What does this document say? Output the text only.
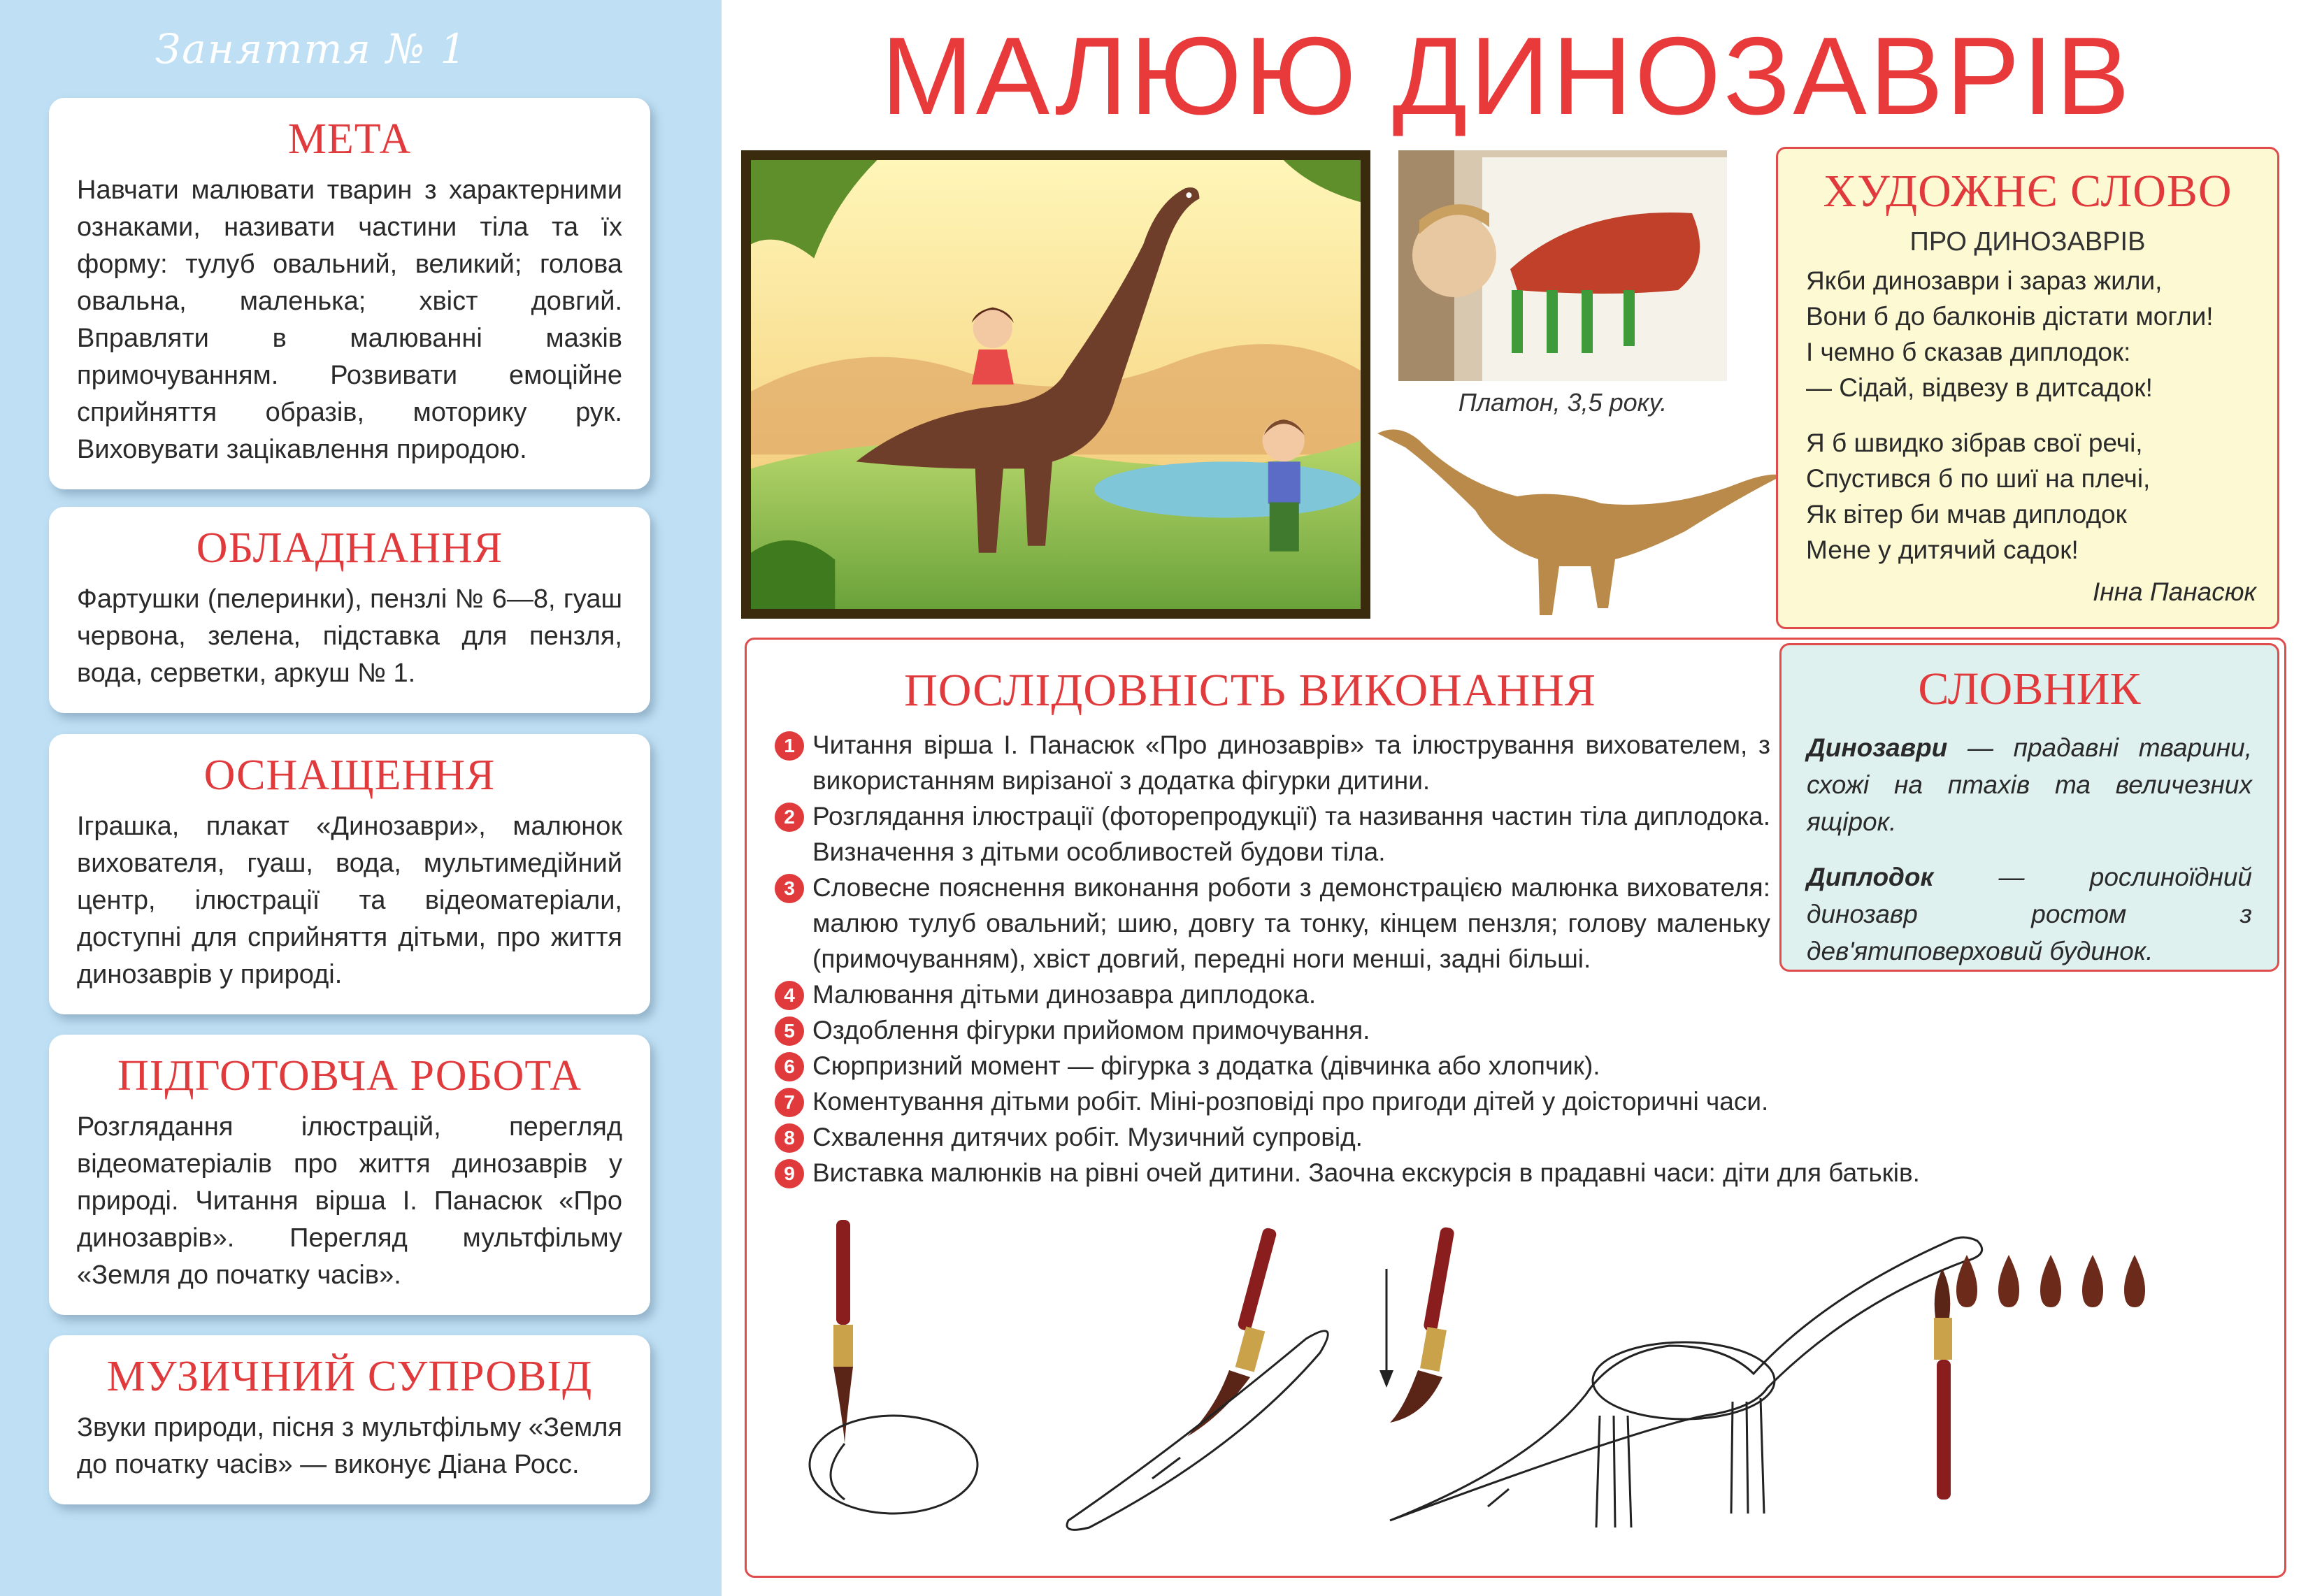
Заняття № 1
МЕТА

Навчати малювати тварин з характерними ознаками, називати частини тіла та їх форму: тулуб овальний, великий; голова овальна, маленька; хвіст довгий. Вправляти в малюванні мазків примочуванням. Розвивати емоційне сприйняття образів, моторику рук. Виховувати зацікавлення природою.

ОБЛАДНАННЯ

Фартушки (пелеринки), пензлі № 6—8, гуаш червона, зелена, підставка для пензля, вода, серветки, аркуш № 1.

ОСНАЩЕННЯ

Іграшка, плакат «Динозаври», малюнок вихователя, гуаш, вода, мультимедійний центр, ілюстрації та відеоматеріали, доступні для сприйняття дітьми, про життя динозаврів у природі.

ПІДГОТОВЧА РОБОТА

Розглядання ілюстрацій, перегляд відеоматеріалів про життя динозаврів у природі. Читання вірша І. Панасюк «Про динозаврів». Перегляд мультфільму «Земля до початку часів».

МУЗИЧНИЙ СУПРОВІД

Звуки природи, пісня з мультфільму «Земля до початку часів» — виконує Діана Росс.

МАЛЮЮ ДИНОЗАВРІВ
Платон, 3,5 року.
ХУДОЖНЄ СЛОВО
ПРО ДИНОЗАВРІВ
Якби динозаври і зараз жили,
Вони б до балконів дістати могли!
І чемно б сказав диплодок:
— Сідай, відвезу в дитсадок!
Я б швидко зібрав свої речі,
Спустився б по шиї на плечі,
Як вітер би мчав диплодок
Мене у дитячий садок!
Інна Панасюк
ПОСЛІДОВНІСТЬ ВИКОНАННЯ
1 Читання вірша І. Панасюк «Про динозаврів» та ілюстрування вихователем, з використанням вирізаної з додатка фігурки дитини.
2 Розглядання ілюстрації (фоторепродукції) та називання частин тіла диплодока. Визначення з дітьми особливостей будови тіла.
3 Словесне пояснення виконання роботи з демонстрацією малюнка вихователя: малюю тулуб овальний; шию, довгу та тонку, кінцем пензля; голову маленьку (примочуванням), хвіст довгий, передні ноги менші, задні більші.
4 Малювання дітьми динозавра диплодока.
5 Оздоблення фігурки прийомом примочування.
6 Сюрпризний момент — фігурка з додатка (дівчинка або хлопчик).
7 Коментування дітьми робіт. Міні-розповіді про пригоди дітей у доісторичні часи.
8 Схвалення дитячих робіт. Музичний супровід.
9 Виставка малюнків на рівні очей дитини. Заочна екскурсія в прадавні часи: діти для батьків.
СЛОВНИК

Динозаври — прадавні тварини, схожі на птахів та величезних ящірок.

Диплодок — рослиноїдний динозавр ростом з дев'ятиповерховий будинок.
